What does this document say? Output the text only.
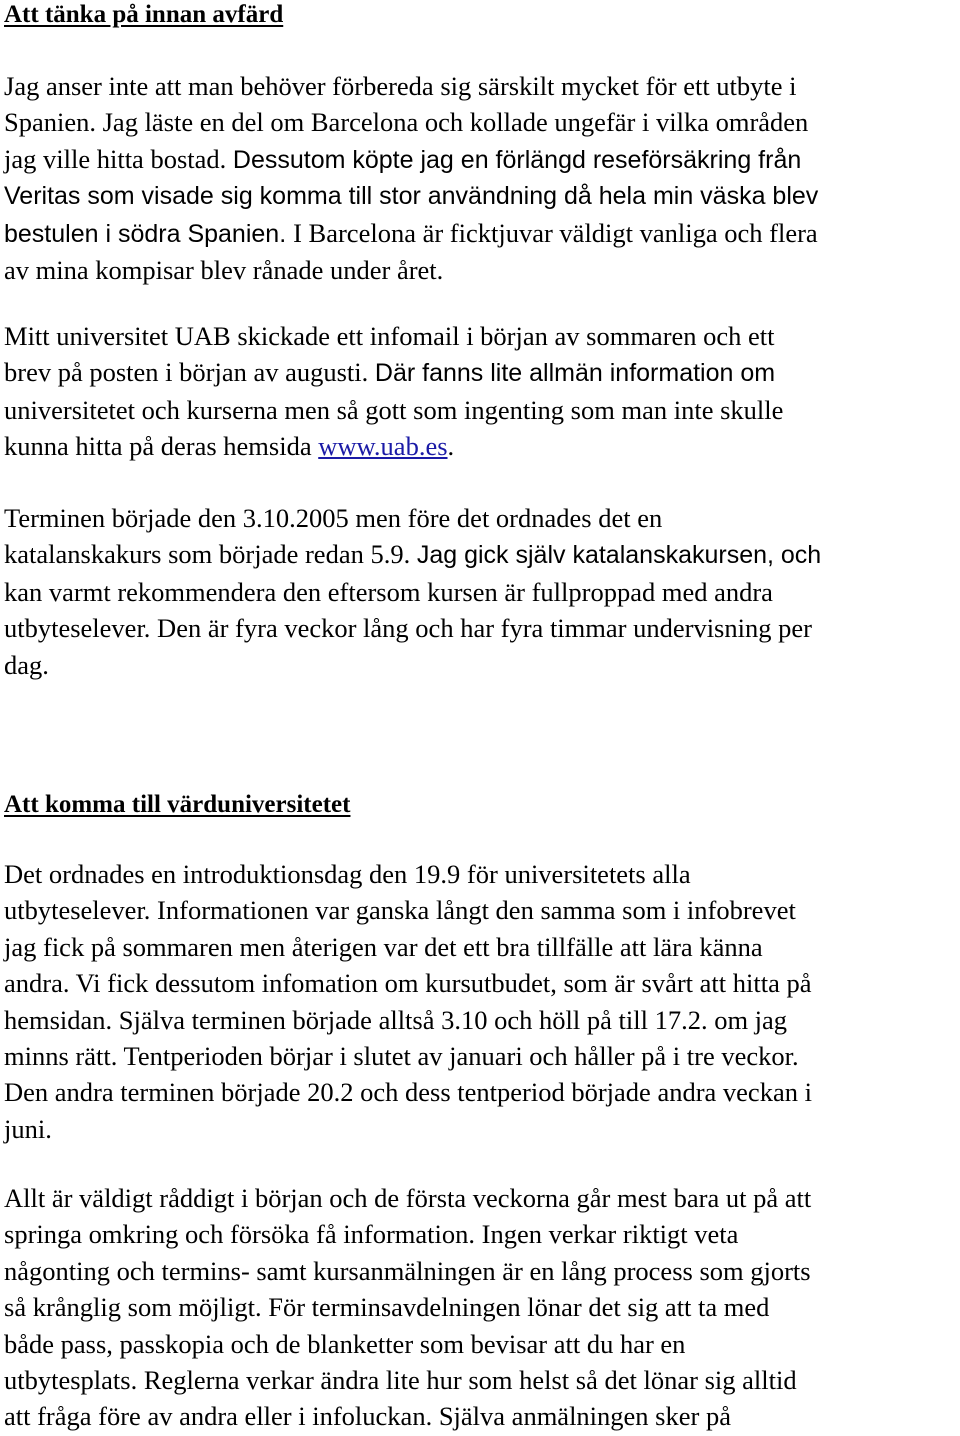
Att tänka på innan avfärd

Jag anser inte att man behöver förbereda sig särskilt mycket för ett utbyte i
Spanien. Jag läste en del om Barcelona och kollade ungefär i vilka områden
jag ville hitta bostad. Dessutom köpte jag en förlängd reseförsäkring från
Veritas som visade sig komma till stor användning då hela min väska blev
bestulen i södra Spanien. I Barcelona är ficktjuvar väldigt vanliga och flera
av mina kompisar blev rånade under året.

Mitt universitet UAB skickade ett infomail i början av sommaren och ett
brev på posten i början av augusti. Där fanns lite allmän information om
universitetet och kurserna men så gott som ingenting som man inte skulle
kunna hitta på deras hemsida www.uab.es.

Terminen började den 3.10.2005 men före det ordnades det en
katalanskakurs som började redan 5.9. Jag gick själv katalanskakursen, och
kan varmt rekommendera den eftersom kursen är fullproppad med andra
utbyteselever. Den är fyra veckor lång och har fyra timmar undervisning per
dag.

Att komma till värduniversitetet

Det ordnades en introduktionsdag den 19.9 för universitetets alla
utbyteselever. Informationen var ganska långt den samma som i infobrevet
jag fick på sommaren men återigen var det ett bra tillfälle att lära känna
andra. Vi fick dessutom infomation om kursutbudet, som är svårt att hitta på
hemsidan. Själva terminen började alltså 3.10 och höll på till 17.2. om jag
minns rätt. Tentperioden börjar i slutet av januari och håller på i tre veckor.
Den andra terminen började 20.2 och dess tentperiod började andra veckan i
juni.

Allt är väldigt råddigt i början och de första veckorna går mest bara ut på att
springa omkring och försöka få information. Ingen verkar riktigt veta
någonting och termins- samt kursanmälningen är en lång process som gjorts
så krånglig som möjligt. För terminsavdelningen lönar det sig att ta med
både pass, passkopia och de blanketter som bevisar att du har en
utbytesplats. Reglerna verkar ändra lite hur som helst så det lönar sig alltid
att fråga före av andra eller i infoluckan. Själva anmälningen sker på
